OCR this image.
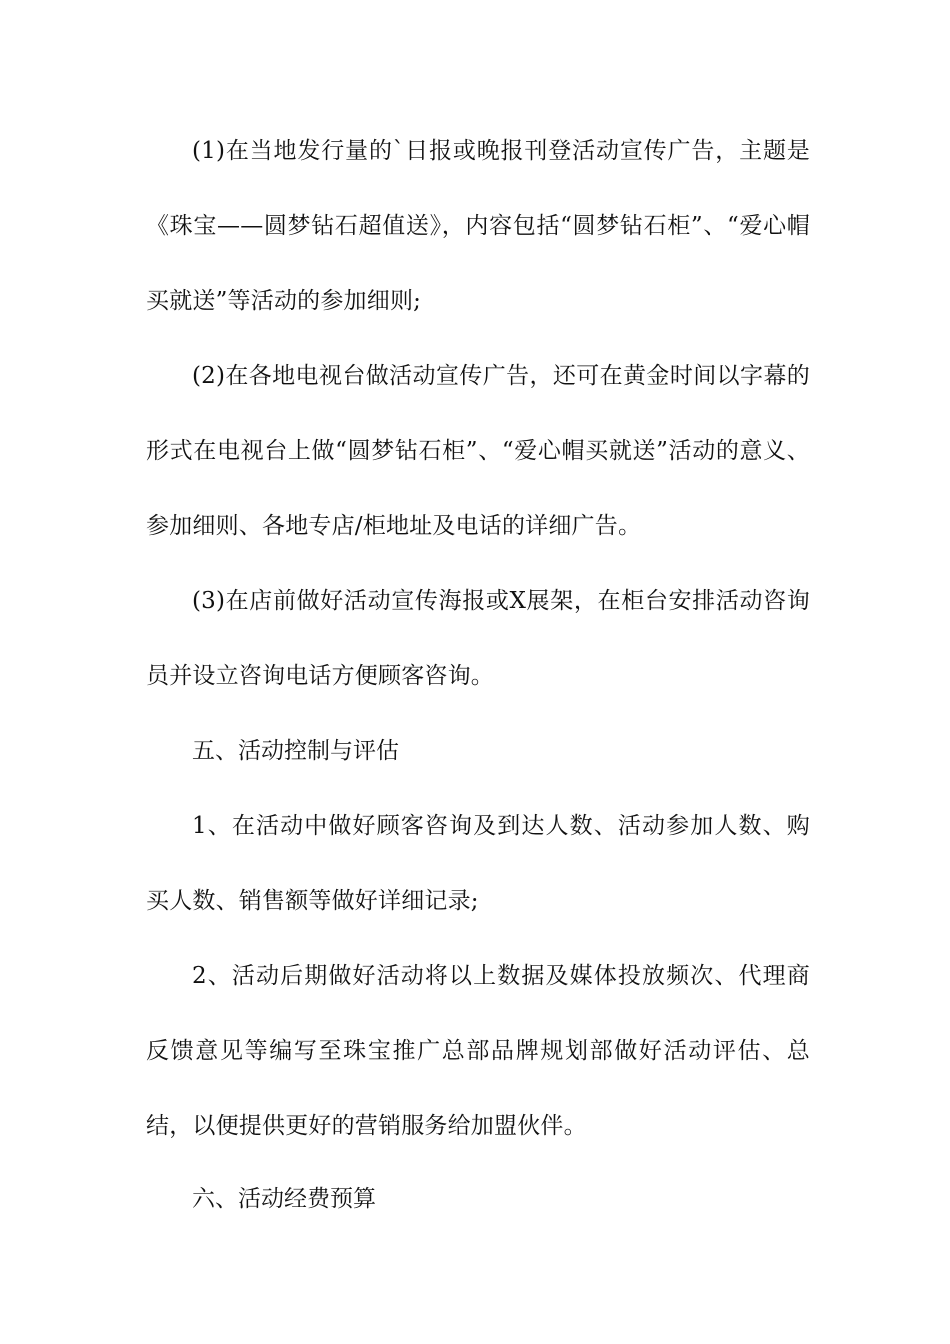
(1)在当地发行量的`日报或晚报刊登活动宣传广告，主题是《珠宝——圆梦钻石超值送》，内容包括“圆梦钻石柜”、“爱心帽买就送”等活动的参加细则;

(2)在各地电视台做活动宣传广告，还可在黄金时间以字幕的形式在电视台上做“圆梦钻石柜”、“爱心帽买就送”活动的意义、参加细则、各地专店/柜地址及电话的详细广告。

(3)在店前做好活动宣传海报或X展架，在柜台安排活动咨询员并设立咨询电话方便顾客咨询。

五、活动控制与评估

1、在活动中做好顾客咨询及到达人数、活动参加人数、购买人数、销售额等做好详细记录;

2、活动后期做好活动将以上数据及媒体投放频次、代理商反馈意见等编写至珠宝推广总部品牌规划部做好活动评估、总结，以便提供更好的营销服务给加盟伙伴。

六、活动经费预算
